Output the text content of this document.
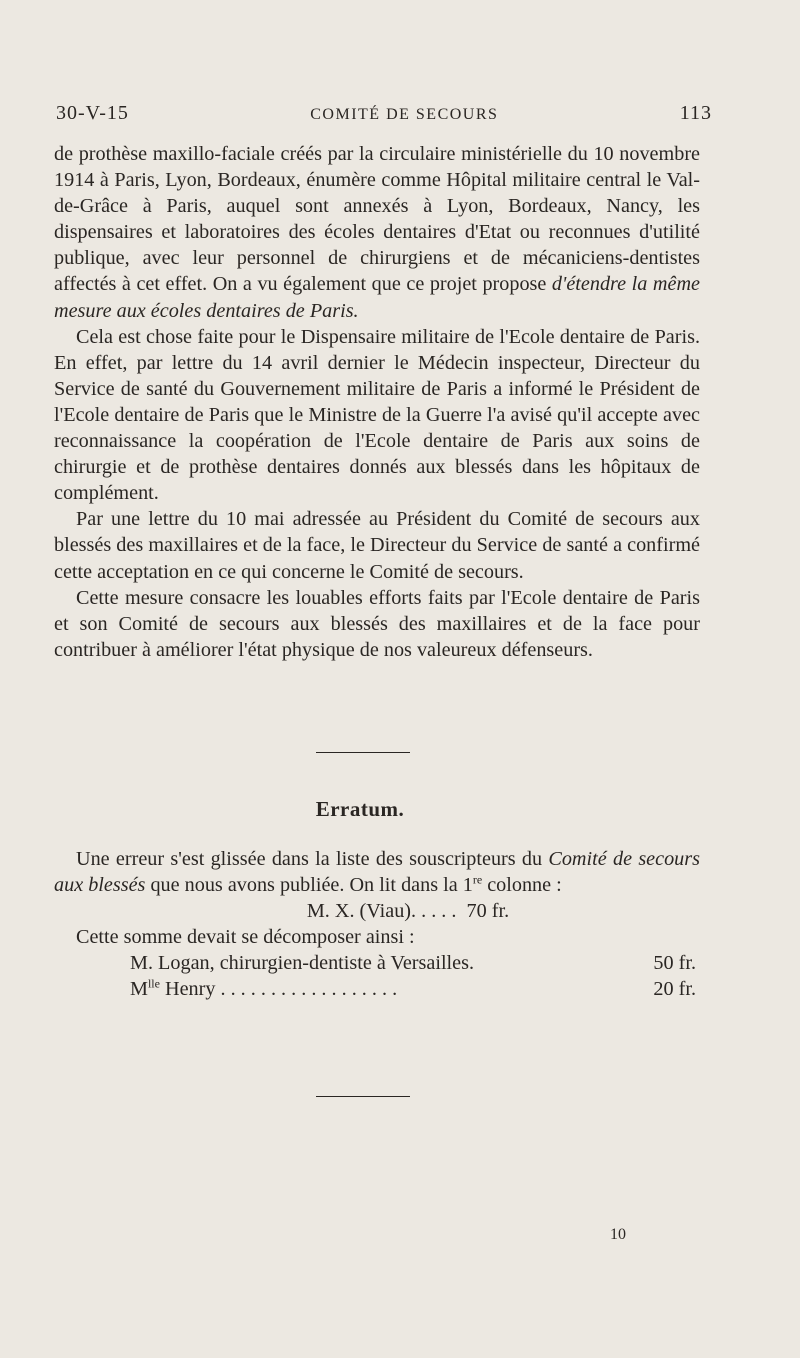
30-V-15	COMITÉ DE SECOURS	113

de prothèse maxillo-faciale créés par la circulaire ministérielle du 10 novembre 1914 à Paris, Lyon, Bordeaux, énumère comme Hôpital militaire central le Val-de-Grâce à Paris, auquel sont annexés à Lyon, Bordeaux, Nancy, les dispensaires et laboratoires des écoles dentaires d'Etat ou reconnues d'utilité publique, avec leur personnel de chirurgiens et de mécaniciens-dentistes affectés à cet effet. On a vu également que ce projet propose d'étendre la même mesure aux écoles dentaires de Paris.

Cela est chose faite pour le Dispensaire militaire de l'Ecole dentaire de Paris. En effet, par lettre du 14 avril dernier le Médecin inspecteur, Directeur du Service de santé du Gouvernement militaire de Paris a informé le Président de l'Ecole dentaire de Paris que le Ministre de la Guerre l'a avisé qu'il accepte avec reconnaissance la coopération de l'Ecole dentaire de Paris aux soins de chirurgie et de prothèse dentaires donnés aux blessés dans les hôpitaux de complément.

Par une lettre du 10 mai adressée au Président du Comité de secours aux blessés des maxillaires et de la face, le Directeur du Service de santé a confirmé cette acceptation en ce qui concerne le Comité de secours.

Cette mesure consacre les louables efforts faits par l'Ecole dentaire de Paris et son Comité de secours aux blessés des maxillaires et de la face pour contribuer à améliorer l'état physique de nos valeureux défenseurs.

Erratum.

Une erreur s'est glissée dans la liste des souscripteurs du Comité de secours aux blessés que nous avons publiée. On lit dans la 1re colonne :

M. X. (Viau). . . . .  70 fr.

Cette somme devait se décomposer ainsi :

M. Logan, chirurgien-dentiste à Versailles.	50 fr.

$M^{lle}$ Henry . . . . . . . . . . . . . . . . . .	20 fr.

10
